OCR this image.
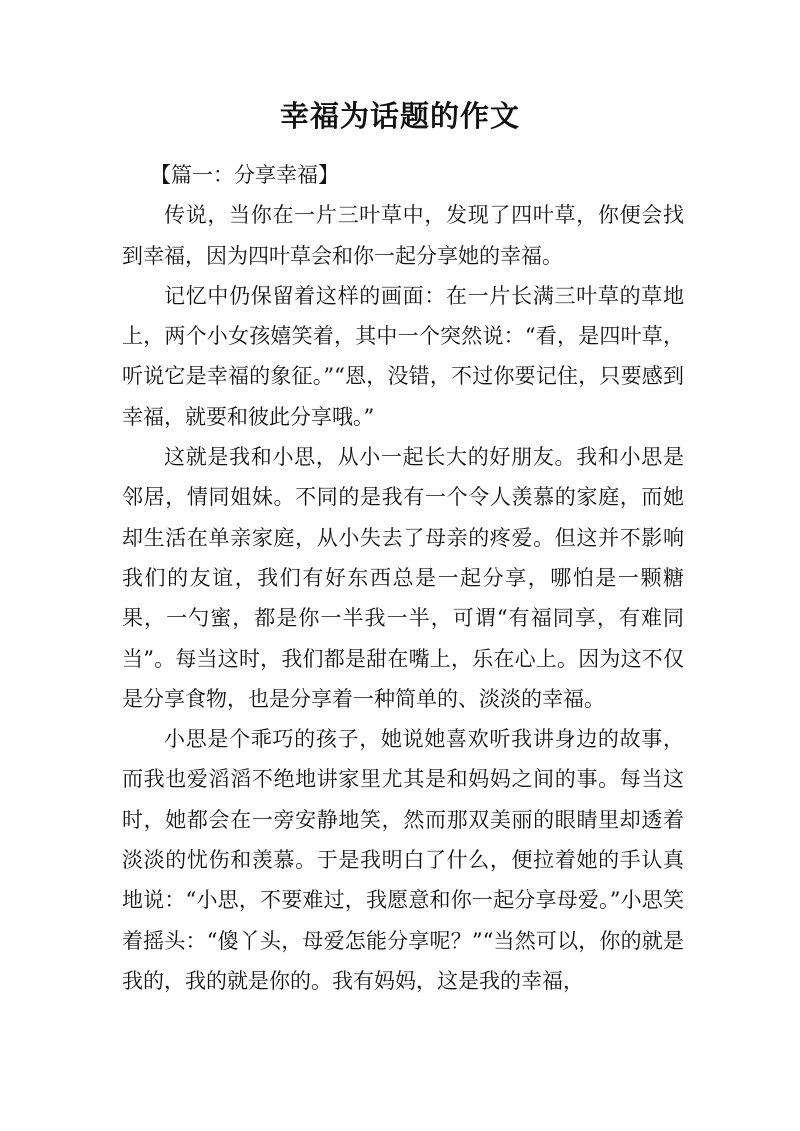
幸福为话题的作文

【篇一：分享幸福】

传说，当你在一片三叶草中，发现了四叶草，你便会找到幸福，因为四叶草会和你一起分享她的幸福。

记忆中仍保留着这样的画面：在一片长满三叶草的草地上，两个小女孩嬉笑着，其中一个突然说：“看，是四叶草，听说它是幸福的象征。”“恩，没错，不过你要记住，只要感到幸福，就要和彼此分享哦。”

这就是我和小思，从小一起长大的好朋友。我和小思是邻居，情同姐妹。不同的是我有一个令人羡慕的家庭，而她却生活在单亲家庭，从小失去了母亲的疼爱。但这并不影响我们的友谊，我们有好东西总是一起分享，哪怕是一颗糖果，一勺蜜，都是你一半我一半，可谓“有福同享，有难同当”。每当这时，我们都是甜在嘴上，乐在心上。因为这不仅是分享食物，也是分享着一种简单的、淡淡的幸福。

小思是个乖巧的孩子，她说她喜欢听我讲身边的故事，而我也爱滔滔不绝地讲家里尤其是和妈妈之间的事。每当这时，她都会在一旁安静地笑，然而那双美丽的眼睛里却透着淡淡的忧伤和羡慕。于是我明白了什么，便拉着她的手认真地说：“小思，不要难过，我愿意和你一起分享母爱。”小思笑着摇头：“傻丫头，母爱怎能分享呢？”“当然可以，你的就是我的，我的就是你的。我有妈妈，这是我的幸福，
